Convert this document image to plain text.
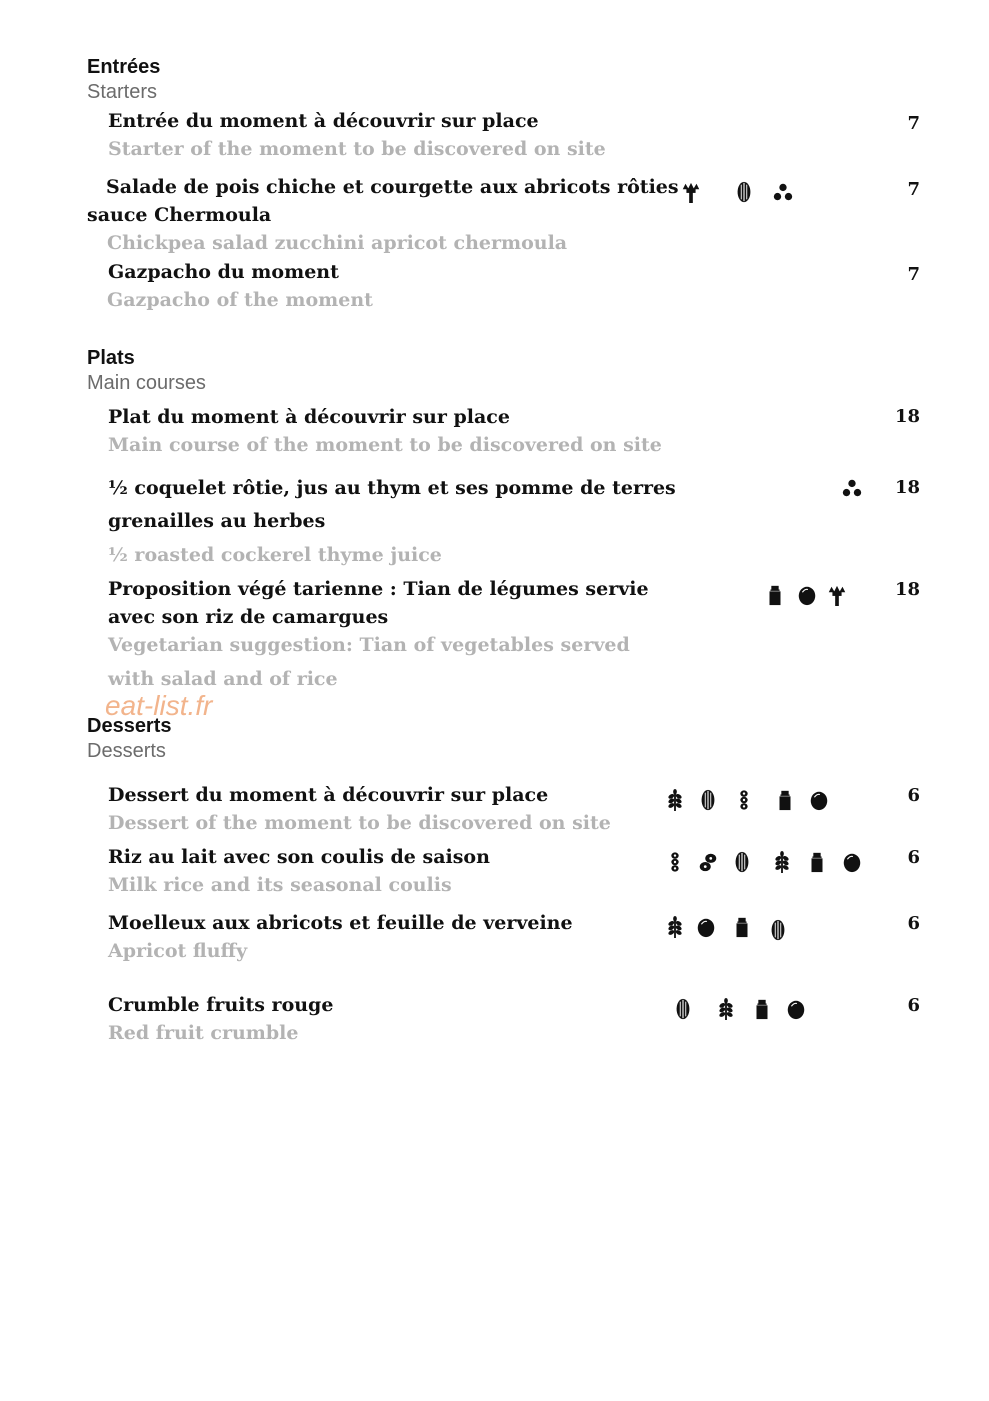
Entrées
Starters
Entrée du moment à découvrir sur place
Starter of the moment to be discovered on site
7
Salade de pois chiche et courgette aux abricots rôties
sauce Chermoula
Chickpea salad zucchini apricot chermoula
7
Gazpacho du moment
Gazpacho of the moment
7
Plats
Main courses
Plat du moment à découvrir sur place
Main course of the moment to be discovered on site
18
½ coquelet rôtie, jus au thym et ses pomme de terres
grenailles au herbes
½ roasted cockerel thyme juice
18
Proposition végé tarienne : Tian de légumes servie
avec son riz de camargues
Vegetarian suggestion: Tian of vegetables served
with salad and of rice
18
eat-list.fr
Desserts
Desserts
Dessert du moment à découvrir sur place
Dessert of the moment to be discovered on site
6
Riz au lait avec son coulis de saison
Milk rice and its seasonal coulis
6
Moelleux aux abricots et feuille de verveine
Apricot fluffy
6
Crumble fruits rouge
Red fruit crumble
6
